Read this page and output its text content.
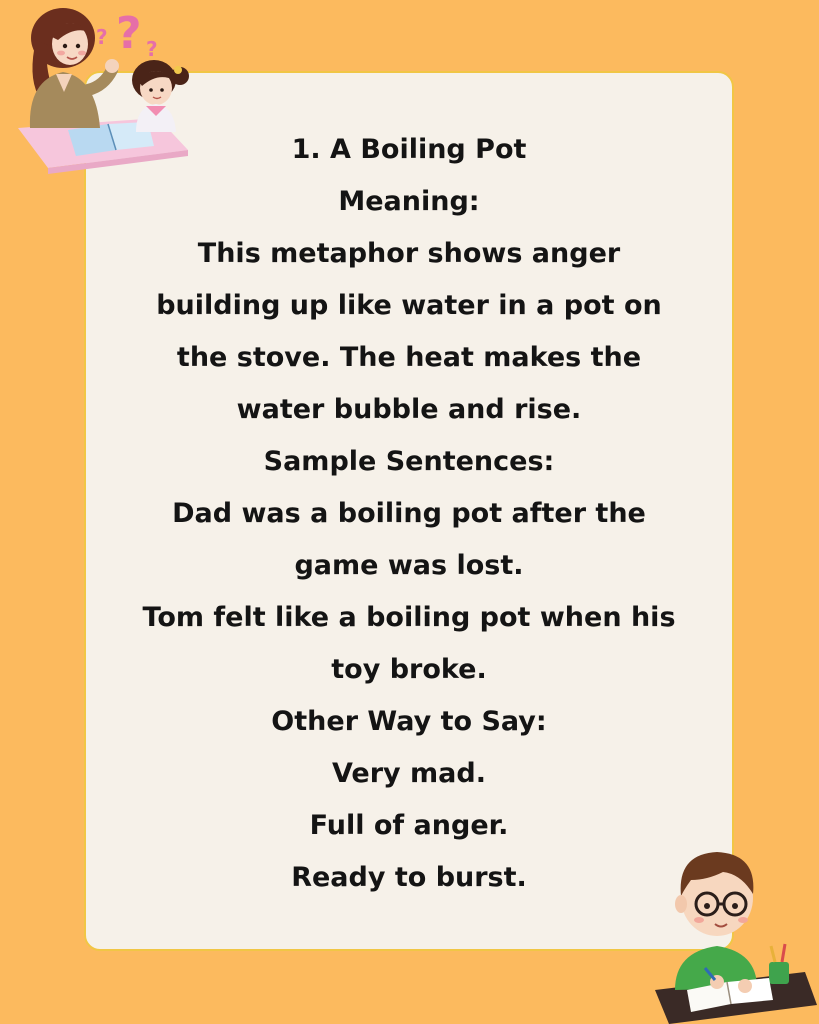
1. A Boiling Pot
Meaning:
This metaphor shows anger
building up like water in a pot on
the stove. The heat makes the
water bubble and rise.
Sample Sentences:
Dad was a boiling pot after the
game was lost.
Tom felt like a boiling pot when his
toy broke.
Other Way to Say:
Very mad.
Full of anger.
Ready to burst.
?
? ?
